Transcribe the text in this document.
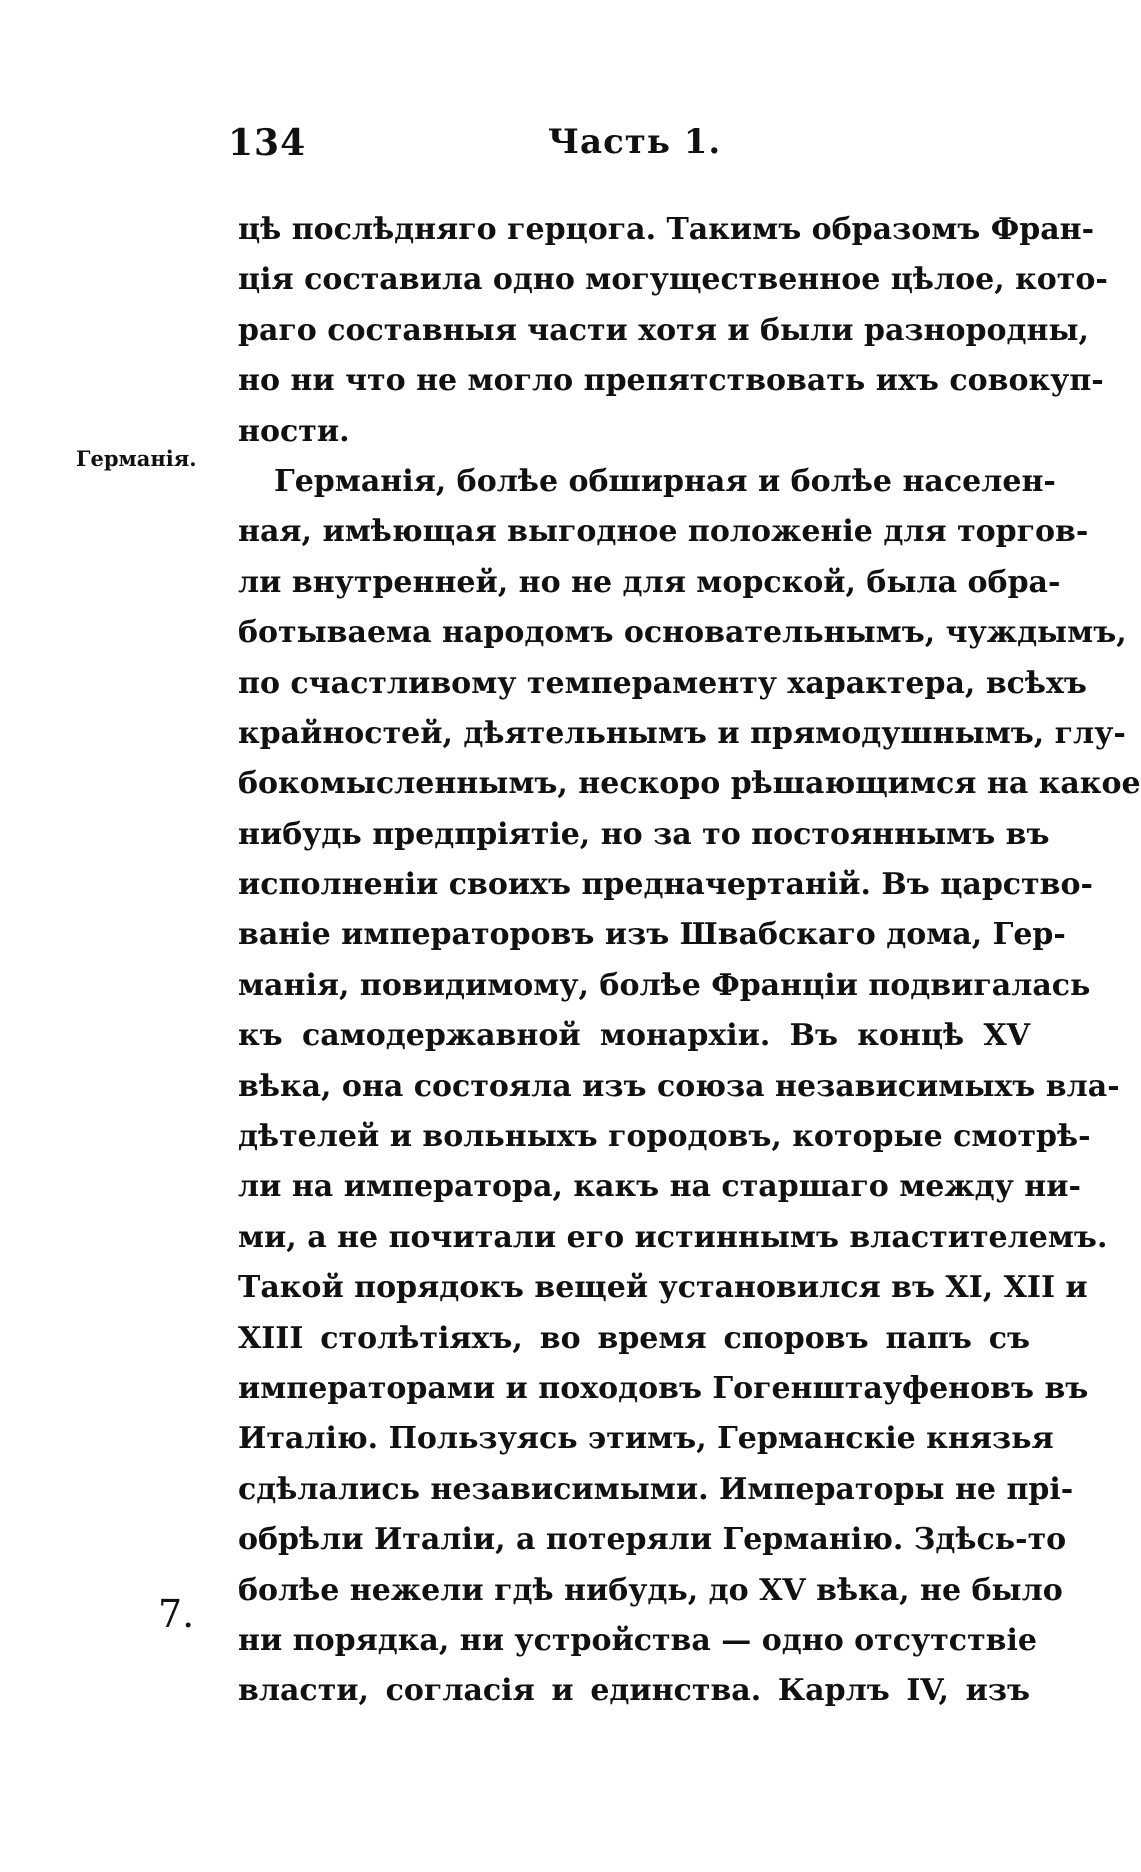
134	Часть 1.
Германія.
цѣ послѣдняго герцога. Такимъ образомъ Фран-
ція составила одно могущественное цѣлое, кото-
раго составныя части хотя и были разнородны,
но ни что не могло препятствовать ихъ совокуп-
ности.
Германія, болѣе обширная и болѣе населен-
ная, имѣющая выгодное положеніе для торгов-
ли внутренней, но не для морской, была обра-
ботываема народомъ основательнымъ, чуждымъ,
по счастливому темпераменту характера, всѣхъ
крайностей, дѣятельнымъ и прямодушнымъ, глу-
бокомысленнымъ, нескоро рѣшающимся на какое
нибудь предпріятіе, но за то постояннымъ въ
исполненіи своихъ предначертаній. Въ царство-
ваніе императоровъ изъ Швабскаго дома, Гер-
манія, повидимому, болѣе Франціи подвигалась
къ самодержавной монархіи. Въ концѣ XV
вѣка, она состояла изъ союза независимыхъ вла-
дѣтелей и вольныхъ городовъ, которые смотрѣ-
ли на императора, какъ на старшаго между ни-
ми, а не почитали его истиннымъ властителемъ.
Такой порядокъ вещей установился въ XI, XII и
XIII столѣтіяхъ, во время споровъ папъ съ
императорами и походовъ Гогенштауфеновъ въ
Италію. Пользуясь этимъ, Германскіе князья
сдѣлались независимыми. Императоры не прі-
обрѣли Италіи, а потеряли Германію. Здѣсь-то
болѣе нежели гдѣ нибудь, до XV вѣка, не было
ни порядка, ни устройства — одно отсутствіе
власти, согласія и единства. Карлъ IV, изъ
7.
